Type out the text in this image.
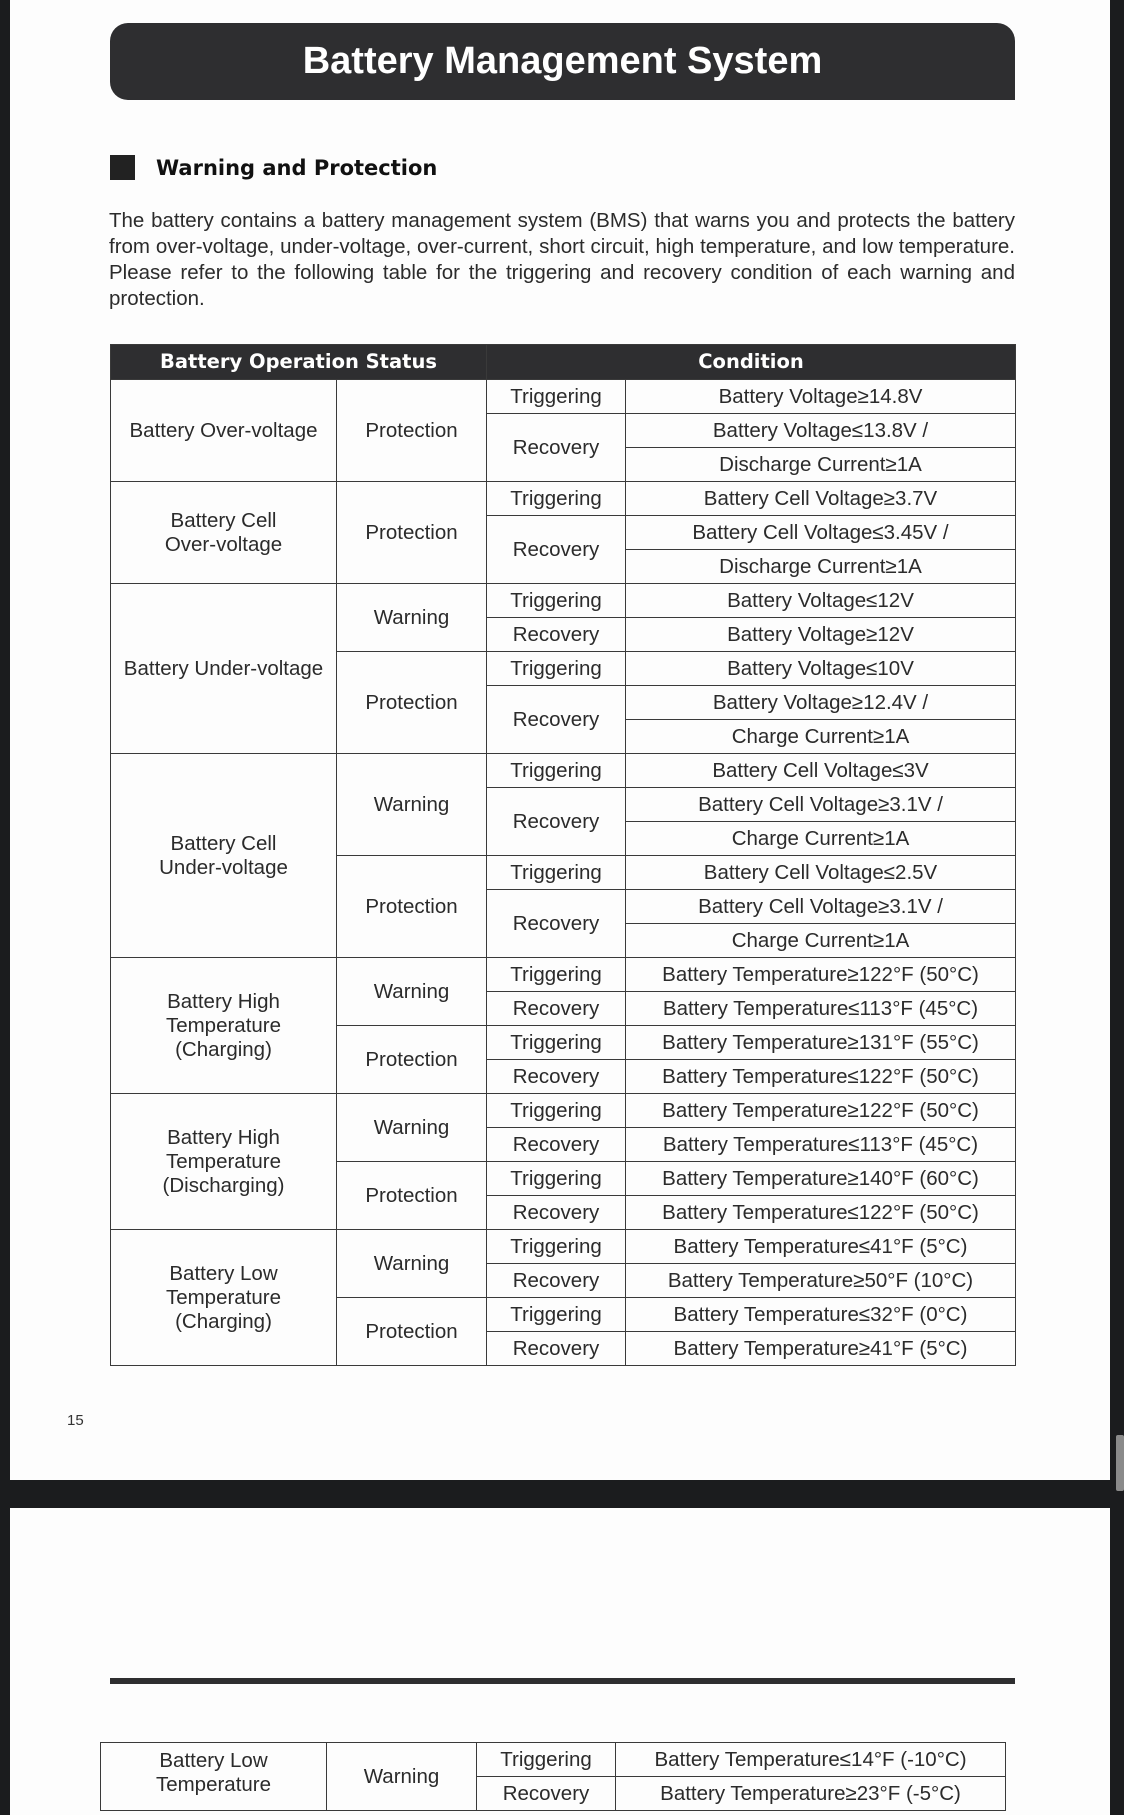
Battery Management System
Warning and Protection
The battery contains a battery management system (BMS) that warns you and protects the battery from over-voltage, under-voltage, over-current, short circuit, high temperature, and low temperature. Please refer to the following table for the triggering and recovery condition of each warning and protection.
Battery Operation Status		Condition	
Battery Over-voltage	Protection	Triggering	Battery Voltage≥14.8V
		Recovery	Battery Voltage≤13.8V /
			Discharge Current≥1A

Battery Cell
Over-voltage	Protection	Triggering	Battery Cell Voltage≥3.7V
		Recovery	Battery Cell Voltage≤3.45V /
			Discharge Current≥1A
Battery Under-voltage	Warning	Triggering	Battery Voltage≤12V
		Recovery	Battery Voltage≥12V
	Protection	Triggering	Battery Voltage≤10V
		Recovery	Battery Voltage≥12.4V /
			Charge Current≥1A

Battery Cell
Under-voltage	Warning	Triggering	Battery Cell Voltage≤3V
		Recovery	Battery Cell Voltage≥3.1V /
			Charge Current≥1A
	Protection	Triggering	Battery Cell Voltage≤2.5V
		Recovery	Battery Cell Voltage≥3.1V /
			Charge Current≥1A

Battery High
Temperature
(Charging)	Warning	Triggering	Battery Temperature≥122°F (50°C)
		Recovery	Battery Temperature≤113°F (45°C)
	Protection	Triggering	Battery Temperature≥131°F (55°C)
		Recovery	Battery Temperature≤122°F (50°C)

Battery High
Temperature
(Discharging)	Warning	Triggering	Battery Temperature≥122°F (50°C)
		Recovery	Battery Temperature≤113°F (45°C)
	Protection	Triggering	Battery Temperature≥140°F (60°C)
		Recovery	Battery Temperature≤122°F (50°C)

Battery Low
Temperature
(Charging)	Warning	Triggering	Battery Temperature≤41°F (5°C)
		Recovery	Battery Temperature≥50°F (10°C)
	Protection	Triggering	Battery Temperature≤32°F (0°C)
		Recovery	Battery Temperature≥41°F (5°C)
15
Battery Low
Temperature	Warning	Triggering	Battery Temperature≤14°F (-10°C)
		Recovery	Battery Temperature≥23°F (-5°C)
